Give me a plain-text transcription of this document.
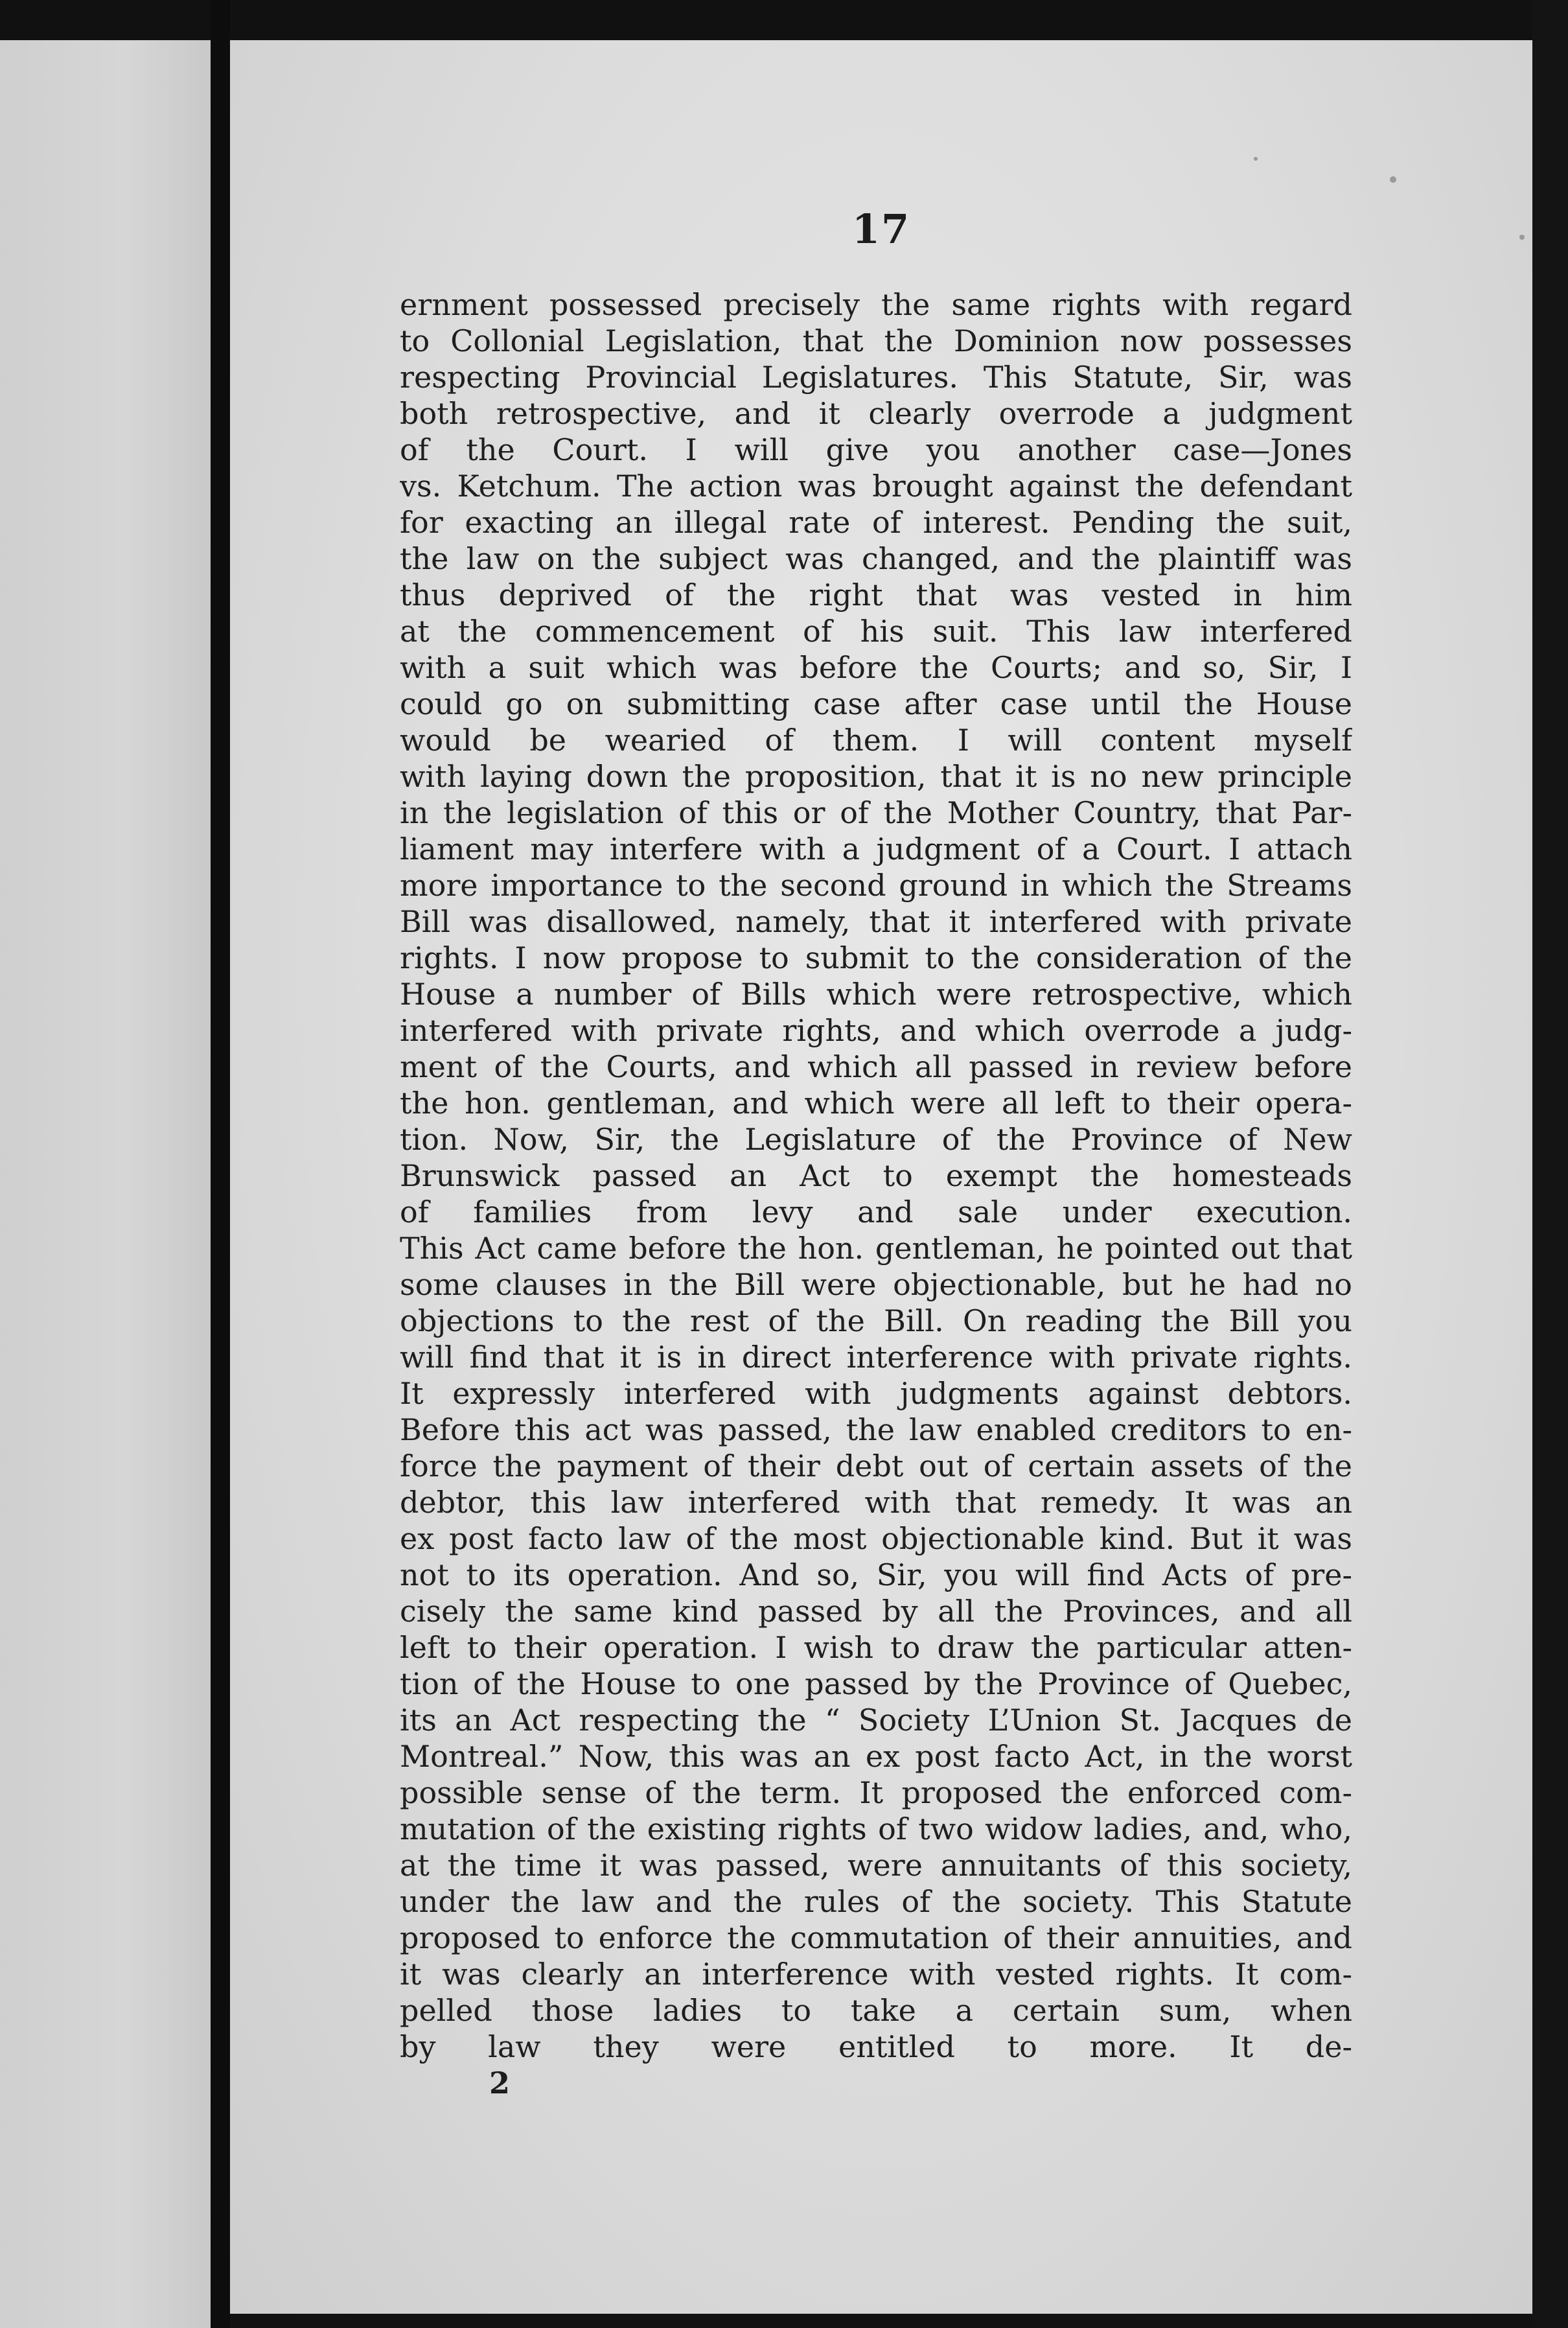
17
ernment possessed precisely the same rights with regard
to Collonial Legislation, that the Dominion now possesses
respecting Provincial Legislatures. This Statute, Sir, was
both retrospective, and it clearly overrode a judgment
of the Court. I will give you another case—Jones
vs. Ketchum. The action was brought against the defendant
for exacting an illegal rate of interest. Pending the suit,
the law on the subject was changed, and the plaintiff was
thus deprived of the right that was vested in him
at the commencement of his suit. This law interfered
with a suit which was before the Courts; and so, Sir, I
could go on submitting case after case until the House
would be wearied of them. I will content myself
with laying down the proposition, that it is no new principle
in the legislation of this or of the Mother Country, that Par-
liament may interfere with a judgment of a Court. I attach
more importance to the second ground in which the Streams
Bill was disallowed, namely, that it interfered with private
rights. I now propose to submit to the consideration of the
House a number of Bills which were retrospective, which
interfered with private rights, and which overrode a judg-
ment of the Courts, and which all passed in review before
the hon. gentleman, and which were all left to their opera-
tion. Now, Sir, the Legislature of the Province of New
Brunswick passed an Act to exempt the homesteads
of families from levy and sale under execution.
This Act came before the hon. gentleman, he pointed out that
some clauses in the Bill were objectionable, but he had no
objections to the rest of the Bill. On reading the Bill you
will find that it is in direct interference with private rights.
It expressly interfered with judgments against debtors.
Before this act was passed, the law enabled creditors to en-
force the payment of their debt out of certain assets of the
debtor, this law interfered with that remedy. It was an
ex post facto law of the most objectionable kind. But it was
not to its operation. And so, Sir, you will find Acts of pre-
cisely the same kind passed by all the Provinces, and all
left to their operation. I wish to draw the particular atten-
tion of the House to one passed by the Province of Quebec,
its an Act respecting the “ Society L’Union St. Jacques de
Montreal.” Now, this was an ex post facto Act, in the worst
possible sense of the term. It proposed the enforced com-
mutation of the existing rights of two widow ladies, and, who,
at the time it was passed, were annuitants of this society,
under the law and the rules of the society. This Statute
proposed to enforce the commutation of their annuities, and
it was clearly an interference with vested rights. It com-
pelled those ladies to take a certain sum, when
by law they were entitled to more. It de-
2
